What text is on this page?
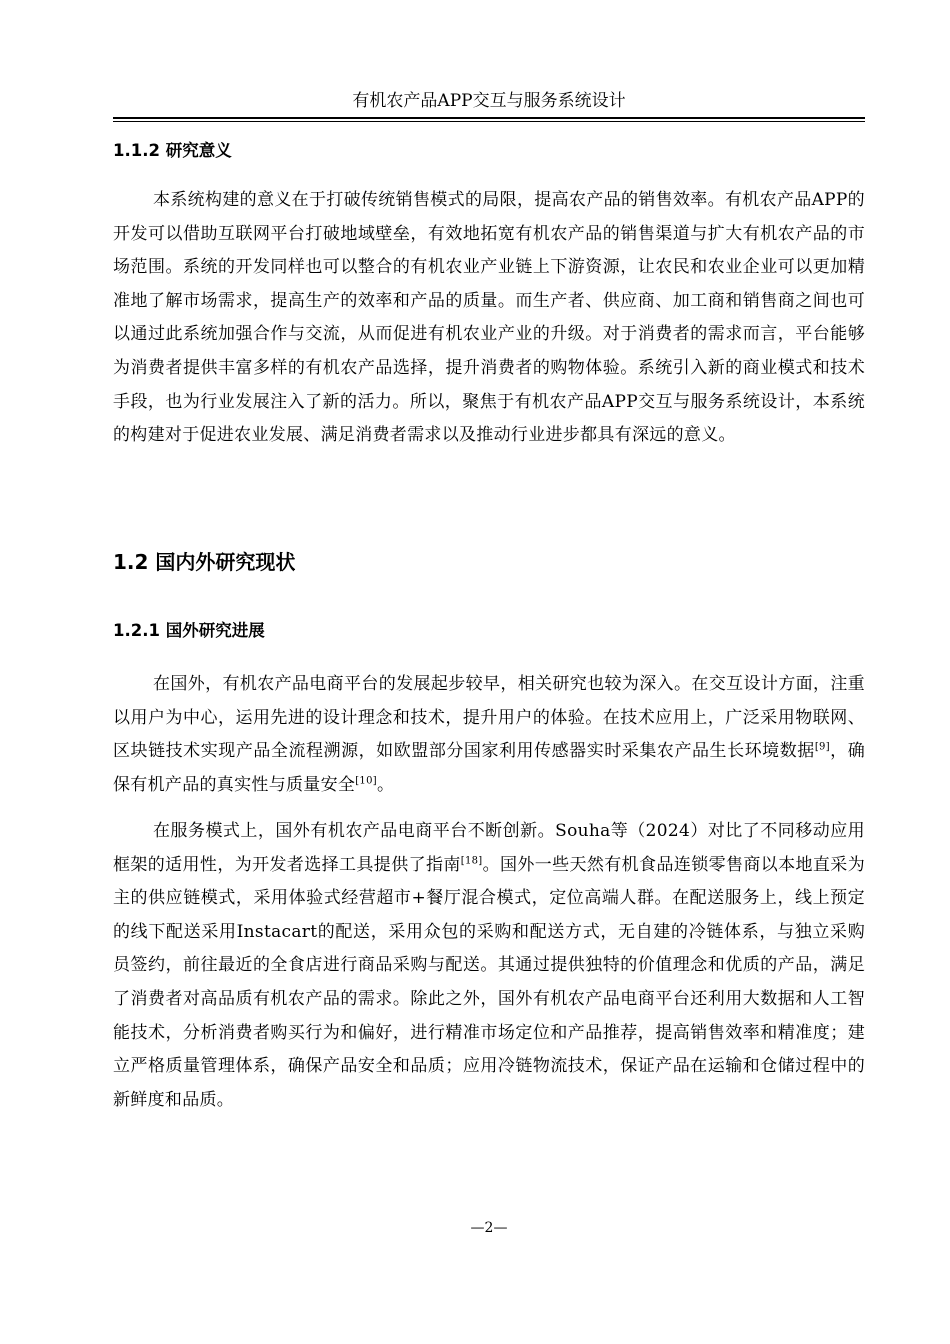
有机农产品APP交互与服务系统设计
1.1.2 研究意义

本系统构建的意义在于打破传统销售模式的局限，提高农产品的销售效率。有机农产品APP的开发可以借助互联网平台打破地域壁垒，有效地拓宽有机农产品的销售渠道与扩大有机农产品的市场范围。系统的开发同样也可以整合的有机农业产业链上下游资源，让农民和农业企业可以更加精准地了解市场需求，提高生产的效率和产品的质量。而生产者、供应商、加工商和销售商之间也可以通过此系统加强合作与交流，从而促进有机农业产业的升级。对于消费者的需求而言，平台能够为消费者提供丰富多样的有机农产品选择，提升消费者的购物体验。系统引入新的商业模式和技术手段，也为行业发展注入了新的活力。所以，聚焦于有机农产品APP交互与服务系统设计，本系统的构建对于促进农业发展、满足消费者需求以及推动行业进步都具有深远的意义。

1.2 国内外研究现状
1.2.1 国外研究进展

在国外，有机农产品电商平台的发展起步较早，相关研究也较为深入。在交互设计方面，注重以用户为中心，运用先进的设计理念和技术，提升用户的体验。在技术应用上，广泛采用物联网、区块链技术实现产品全流程溯源，如欧盟部分国家利用传感器实时采集农产品生长环境数据[9]，确保有机产品的真实性与质量安全[10]。

在服务模式上，国外有机农产品电商平台不断创新。Souha等（2024）对比了不同移动应用框架的适用性，为开发者选择工具提供了指南[18]。国外一些天然有机食品连锁零售商以本地直采为主的供应链模式，采用体验式经营超市+餐厅混合模式，定位高端人群。在配送服务上，线上预定的线下配送采用Instacart的配送，采用众包的采购和配送方式，无自建的冷链体系，与独立采购员签约，前往最近的全食店进行商品采购与配送。其通过提供独特的价值理念和优质的产品，满足了消费者对高品质有机农产品的需求。除此之外，国外有机农产品电商平台还利用大数据和人工智能技术，分析消费者购买行为和偏好，进行精准市场定位和产品推荐，提高销售效率和精准度；建立严格质量管理体系，确保产品安全和品质；应用冷链物流技术，保证产品在运输和仓储过程中的新鲜度和品质。

—2—
